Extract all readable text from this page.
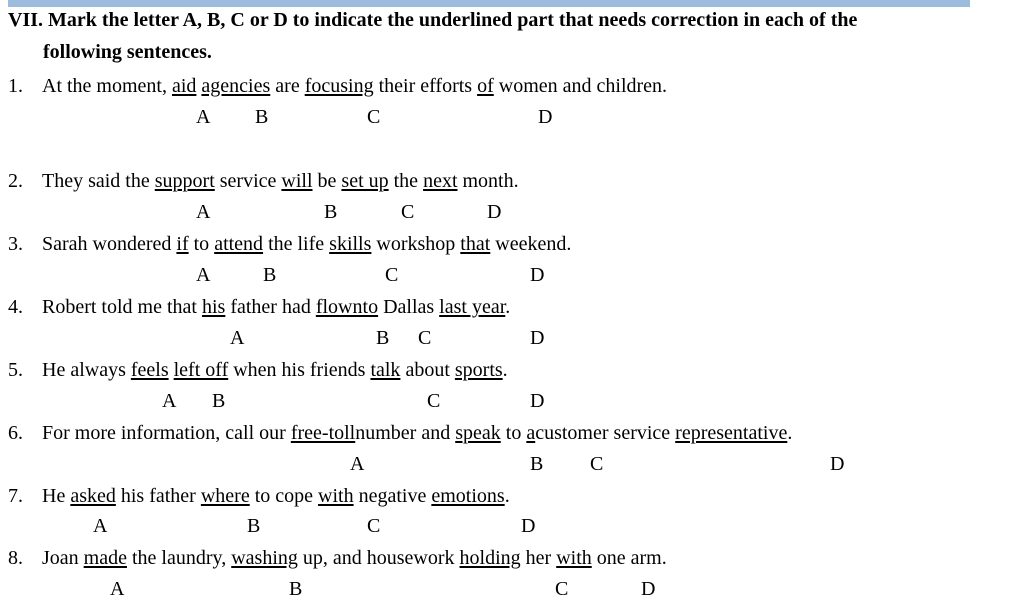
VII. Mark the letter A, B, C or D to indicate the underlined part that needs correction in each of the
following sentences.
1. At the moment, aid agencies are focusing their efforts of women and children.
A B	C	D
2. They said the support service will be set up the next month.
A	B	C	D
3. Sarah wondered if to attend the life skills workshop that weekend.
A	B	C	D
4. Robert told me that his father had flownto Dallas last year.
A	B C	D
5. He always feels left off when his friends talk about sports.
A B	C	D
6. For more information, call our free-tollnumber and speak to acustomer service representative.
A	B C	D
7. He asked his father where to cope with negative emotions.
A	B	C	D
8. Joan made the laundry, washing up, and housework holding her with one arm.
A	B	C	D
